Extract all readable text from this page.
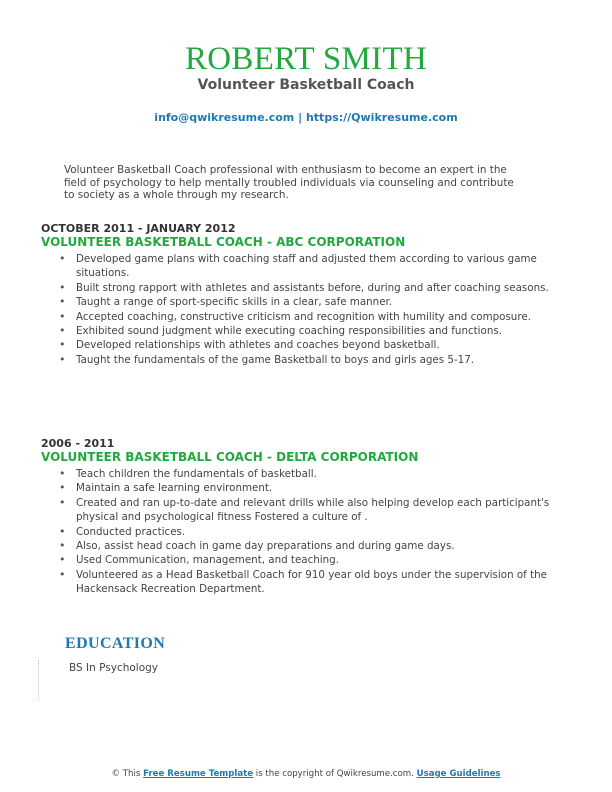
ROBERT SMITH
Volunteer Basketball Coach
info@qwikresume.com | https://Qwikresume.com
Volunteer Basketball Coach professional with enthusiasm to become an expert in the field of psychology to help mentally troubled individuals via counseling and contribute to society as a whole through my research.
OCTOBER 2011 - JANUARY 2012
VOLUNTEER BASKETBALL COACH - ABC CORPORATION
• Developed game plans with coaching staff and adjusted them according to various game situations.
• Built strong rapport with athletes and assistants before, during and after coaching seasons.
• Taught a range of sport-specific skills in a clear, safe manner.
• Accepted coaching, constructive criticism and recognition with humility and composure.
• Exhibited sound judgment while executing coaching responsibilities and functions.
• Developed relationships with athletes and coaches beyond basketball.
• Taught the fundamentals of the game Basketball to boys and girls ages 5-17.
2006 - 2011
VOLUNTEER BASKETBALL COACH - DELTA CORPORATION
• Teach children the fundamentals of basketball.
• Maintain a safe learning environment.
• Created and ran up-to-date and relevant drills while also helping develop each participant's physical and psychological fitness Fostered a culture of .
• Conducted practices.
• Also, assist head coach in game day preparations and during game days.
• Used Communication, management, and teaching.
• Volunteered as a Head Basketball Coach for 910 year old boys under the supervision of the Hackensack Recreation Department.
EDUCATION
BS In Psychology
© This Free Resume Template is the copyright of Qwikresume.com. Usage Guidelines
